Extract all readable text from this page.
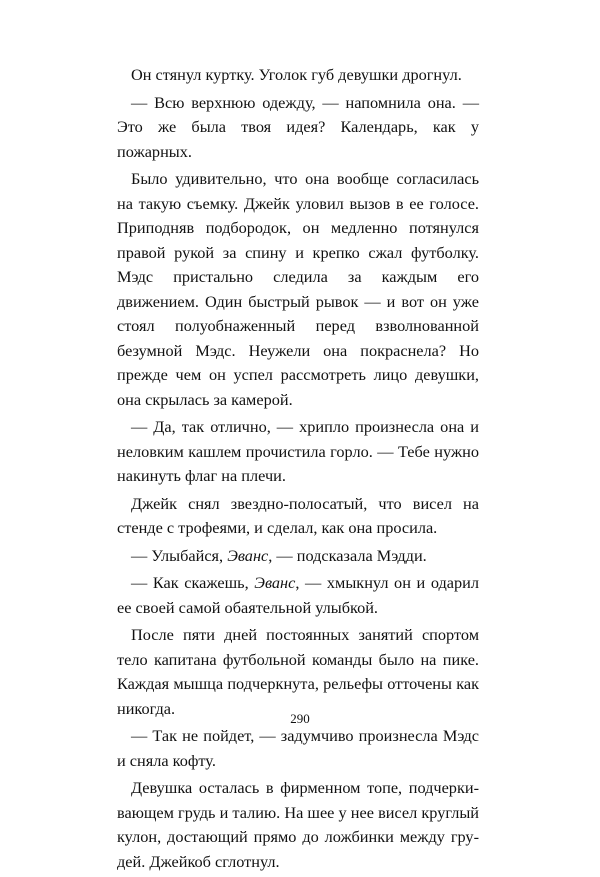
Он стянул куртку. Уголок губ девушки дрогнул.

— Всю верхнюю одежду, — напомнила она. — Это же была твоя идея? Календарь, как у пожарных.

Было удивительно, что она вообще согласилась на такую съемку. Джейк уловил вызов в ее голосе. Приподняв подбородок, он медленно потянулся правой рукой за спину и крепко сжал футболку. Мэдс пристально следила за каждым его движением. Один быстрый рывок — и вот он уже стоял полуобнаженный перед взволнованной безумной Мэдс. Неужели она покраснела? Но прежде чем он успел рассмотреть лицо девушки, она скрылась за камерой.

— Да, так отлично, — хрипло произнесла она и неловким кашлем прочистила горло. — Тебе нужно накинуть флаг на плечи.

Джейк снял звездно-полосатый, что висел на стенде с трофеями, и сделал, как она просила.

— Улыбайся, Эванс, — подсказала Мэдди.

— Как скажешь, Эванс, — хмыкнул он и одарил ее своей самой обаятельной улыбкой.

После пяти дней постоянных занятий спортом тело капитана футбольной команды было на пике. Каждая мышца подчеркнута, рельефы отточены как никогда.

— Так не пойдет, — задумчиво произнесла Мэдс и сняла кофту.

Девушка осталась в фирменном топе, подчеркивающем грудь и талию. На шее у нее висел круглый кулон, достающий прямо до ложбинки между грудей. Джейкоб сглотнул.

290
